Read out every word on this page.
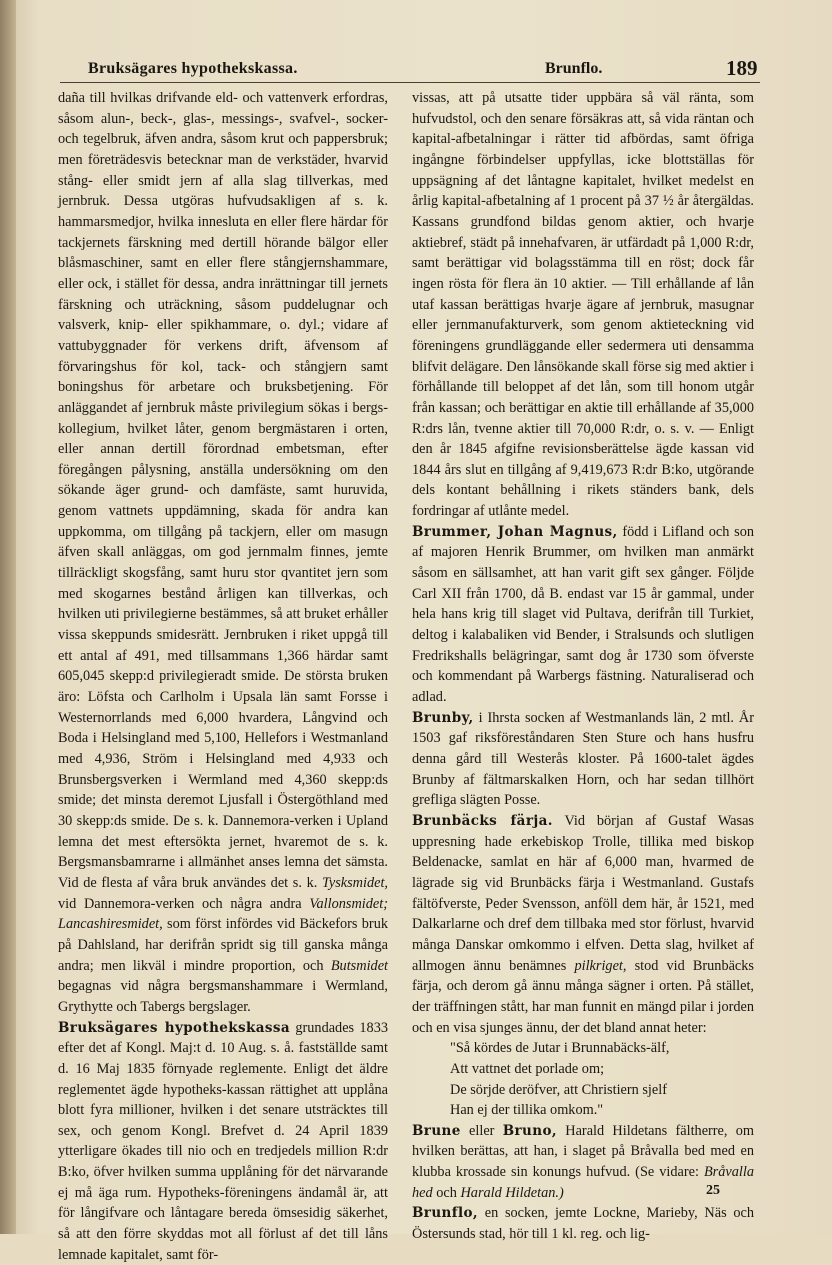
Bruksägares hypothekskassa.	Brunflo.	189

daña till hvilkas drifvande eld- och vattenverk erfordras, såsom alun-, beck-, glas-, messings-, svafvel-, socker- och tegelbruk, äfven andra, såsom krut och pappersbruk; men företrädesvis betecknar man de verkstäder, hvarvid stång- eller smidt jern af alla slag tillverkas, med jernbruk. Dessa utgöras hufvudsakligen af s. k. hammarsmedjor, hvilka inneslutа en eller flere härdar för tackjernets färskning med dertill hörande bälgor eller blåsmaschiner, samt en eller flere stångjernshammare, eller ock, i stället för dessa, andra inrättningar till jernets färskning och uträckning, såsom puddelugnar och valsverk, knip- eller spikhammare, o. dyl.; vidare af vattubyggnader för verkens drift, äfvensom af förvaringshus för kol, tack- och stångjern samt boningshus för arbetare och bruksbetjening. För anläggandet af jernbruk måste privilegium sökas i bergs-kollegium, hvilket låter, genom bergmästaren i orten, eller annan dertill förordnad embetsman, efter föregången pålysning, anställa undersökning om den sökande äger grund- och damfäste, samt huruvida, genom vattnets uppdämning, skada för andra kan uppkomma, om tillgång på tackjern, eller om masugn äfven skall anläggas, om god jernmalm finnes, jemte tillräckligt skogsfång, samt huru stor qvantitet jern som med skogarnes bestånd årligen kan tillverkas, och hvilken uti privilegierne bestämmes, så att bruket erhåller vissa skeppunds smidesrätt. Jernbruken i riket uppgå till ett antal af 491, med tillsammans 1,366 härdar samt 605,045 skepp:d privilegieradt smide. De största bruken äro: Löfsta och Carlholm i Upsala län samt Forsse i Westernorrlands med 6,000 hvardera, Långvind och Boda i Helsingland med 5,100, Hellefors i Westmanland med 4,936, Ström i Helsingland med 4,933 och Brunsbergsverken i Wermland med 4,360 skepp:ds smide; det minsta deremot Ljusfall i Östergöthland med 30 skepp:ds smide. De s. k. Dannemora-verken i Upland lemna det mest eftersökta jernet, hvaremot de s. k. Bergsmansbamrarne i allmänhet anses lemna det sämsta. Vid de flesta af våra bruk användes det s. k. Tysksmidet, vid Dannemora-verken och några andra Vallonsmidet; Lancashiresmidet, som först infördes vid Bäckefors bruk på Dahlsland, har derifrån spridt sig till ganska många andra; men likväl i mindre proportion, och Butsmidet begagnas vid några bergsmanshammare i Wermland, Grythytte och Tabergs bergslager.

Bruksägares hypothekskassa grundades 1833 efter det af Kongl. Maj:t d. 10 Aug. s. å. fastställde samt d. 16 Maj 1835 förnyade reglemente. Enligt det äldre reglementet ägde hypotheks-kassan rättighet att upplåna blott fyra millioner, hvilken i det senare utsträcktes till sex, och genom Kongl. Brefvet d. 24 April 1839 ytterligare ökades till nio och en tredjedels million R:dr B:ko, öfver hvilken summa upplåning för det närvarande ej må äga rum. Hypotheks-föreningens ändamål är, att för långifvare och låntagare bereda ömsesidig säkerhet, så att den förre skyddas mot all förlust af det till låns lemnade kapitalet, samt för-

vissas, att på utsatte tider uppbära så väl ränta, som hufvudstol, och den senare försäkras att, så vida räntan och kapital-afbetalningar i rätter tid afbördas, samt öfriga ingångne förbindelser uppfyllas, icke blottställas för uppsägning af det låntagne kapitalet, hvilket medelst en årlig kapital-afbetalning af 1 procent på 37 ½ år återgäldas. Kassans grundfond bildas genom aktier, och hvarje aktiebref, städt på innehafvaren, är utfärdadt på 1,000 R:dr, samt berättigar vid bolagsstämma till en röst; dock får ingen rösta för flera än 10 aktier. — Till erhållande af lån utaf kassan berättigas hvarje ägare af jernbruk, masugnar eller jernmanufakturverk, som genom aktieteckning vid föreningens grundläggande eller sedermera uti densamma blifvit delägare. Den lånsökande skall förse sig med aktier i förhållande till beloppet af det lån, som till honom utgår från kassan; och berättigar en aktie till erhållande af 35,000 R:drs lån, tvenne aktier till 70,000 R:dr, o. s. v. — Enligt den år 1845 afgifne revisionsberättelse ägde kassan vid 1844 års slut en tillgång af 9,419,673 R:dr B:ko, utgörande dels kontant behållning i rikets ständers bank, dels fordringar af utlånte medel.

Brummer, Johan Magnus, född i Lifland och son af majoren Henrik Brummer, om hvilken man anmärkt såsom en sällsamhet, att han varit gift sex gånger. Följde Carl XII från 1700, då B. endast var 15 år gammal, under hela hans krig till slaget vid Pultava, derifrån till Turkiet, deltog i kalabaliken vid Bender, i Stralsunds och slutligen Fredrikshalls belägringar, samt dog år 1730 som öfverste och kommendant på Warbergs fästning. Naturaliserad och adlad.

Brunby, i Ihrsta socken af Westmanlands län, 2 mtl. År 1503 gaf riksföreståndaren Sten Sture och hans husfru denna gård till Westerås kloster. På 1600-talet ägdes Brunby af fältmarskalken Horn, och har sedan tillhört grefliga slägten Posse.

Brunbäcks färja. Vid början af Gustaf Wasas uppresning hade erkebiskop Trolle, tillika med biskop Beldenacke, samlat en här af 6,000 man, hvarmed de lägrade sig vid Brunbäcks färja i Westmanland. Gustafs fältöfverste, Peder Svensson, anföll dem här, år 1521, med Dalkarlarne och dref dem tillbaka med stor förlust, hvarvid många Danskar omkommo i elfven. Detta slag, hvilket af allmogen ännu benämnes pilkriget, stod vid Brunbäcks färja, och derom gå ännu många sägner i orten. På stället, der träffningen stått, har man funnit en mängd pilar i jorden och en visa sjunges ännu, der det bland annat heter:

"Så kördes de Jutar i Brunnabäcks-älf,
Att vattnet det porlade om;
De sörjde deröfver, att Christiern sjelf
Han ej der tillika omkom."

Brune eller Bruno, Harald Hildetans fältherre, om hvilken berättas, att han, i slaget på Bråvalla bed med en klubba krossade sin konungs hufvud. (Se vidare: Bråvalla hed och Harald Hildetan.)

Brunflo, en socken, jemte Lockne, Marieby, Näs och Östersunds stad, hör till 1 kl. reg. och lig-

25
